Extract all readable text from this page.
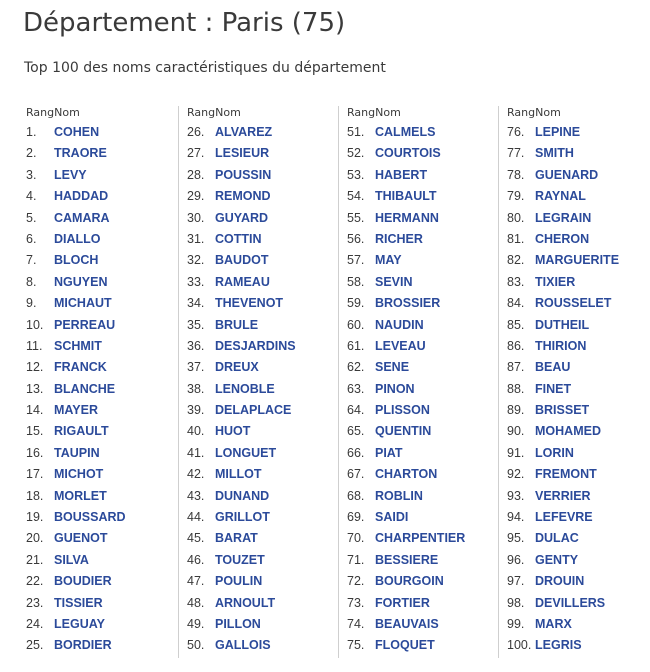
Département : Paris (75)

Top 100 des noms caractéristiques du département

RangNom
1. COHEN
2. TRAORE
3. LEVY
4. HADDAD
5. CAMARA
6. DIALLO
7. BLOCH
8. NGUYEN
9. MICHAUT
10. PERREAU
11. SCHMIT
12. FRANCK
13. BLANCHE
14. MAYER
15. RIGAULT
16. TAUPIN
17. MICHOT
18. MORLET
19. BOUSSARD
20. GUENOT
21. SILVA
22. BOUDIER
23. TISSIER
24. LEGUAY
25. BORDIER
RangNom
26. ALVAREZ
27. LESIEUR
28. POUSSIN
29. REMOND
30. GUYARD
31. COTTIN
32. BAUDOT
33. RAMEAU
34. THEVENOT
35. BRULE
36. DESJARDINS
37. DREUX
38. LENOBLE
39. DELAPLACE
40. HUOT
41. LONGUET
42. MILLOT
43. DUNAND
44. GRILLOT
45. BARAT
46. TOUZET
47. POULIN
48. ARNOULT
49. PILLON
50. GALLOIS
RangNom
51. CALMELS
52. COURTOIS
53. HABERT
54. THIBAULT
55. HERMANN
56. RICHER
57. MAY
58. SEVIN
59. BROSSIER
60. NAUDIN
61. LEVEAU
62. SENE
63. PINON
64. PLISSON
65. QUENTIN
66. PIAT
67. CHARTON
68. ROBLIN
69. SAIDI
70. CHARPENTIER
71. BESSIERE
72. BOURGOIN
73. FORTIER
74. BEAUVAIS
75. FLOQUET
RangNom
76. LEPINE
77. SMITH
78. GUENARD
79. RAYNAL
80. LEGRAIN
81. CHERON
82. MARGUERITE
83. TIXIER
84. ROUSSELET
85. DUTHEIL
86. THIRION
87. BEAU
88. FINET
89. BRISSET
90. MOHAMED
91. LORIN
92. FREMONT
93. VERRIER
94. LEFEVRE
95. DULAC
96. GENTY
97. DROUIN
98. DEVILLERS
99. MARX
100. LEGRIS
